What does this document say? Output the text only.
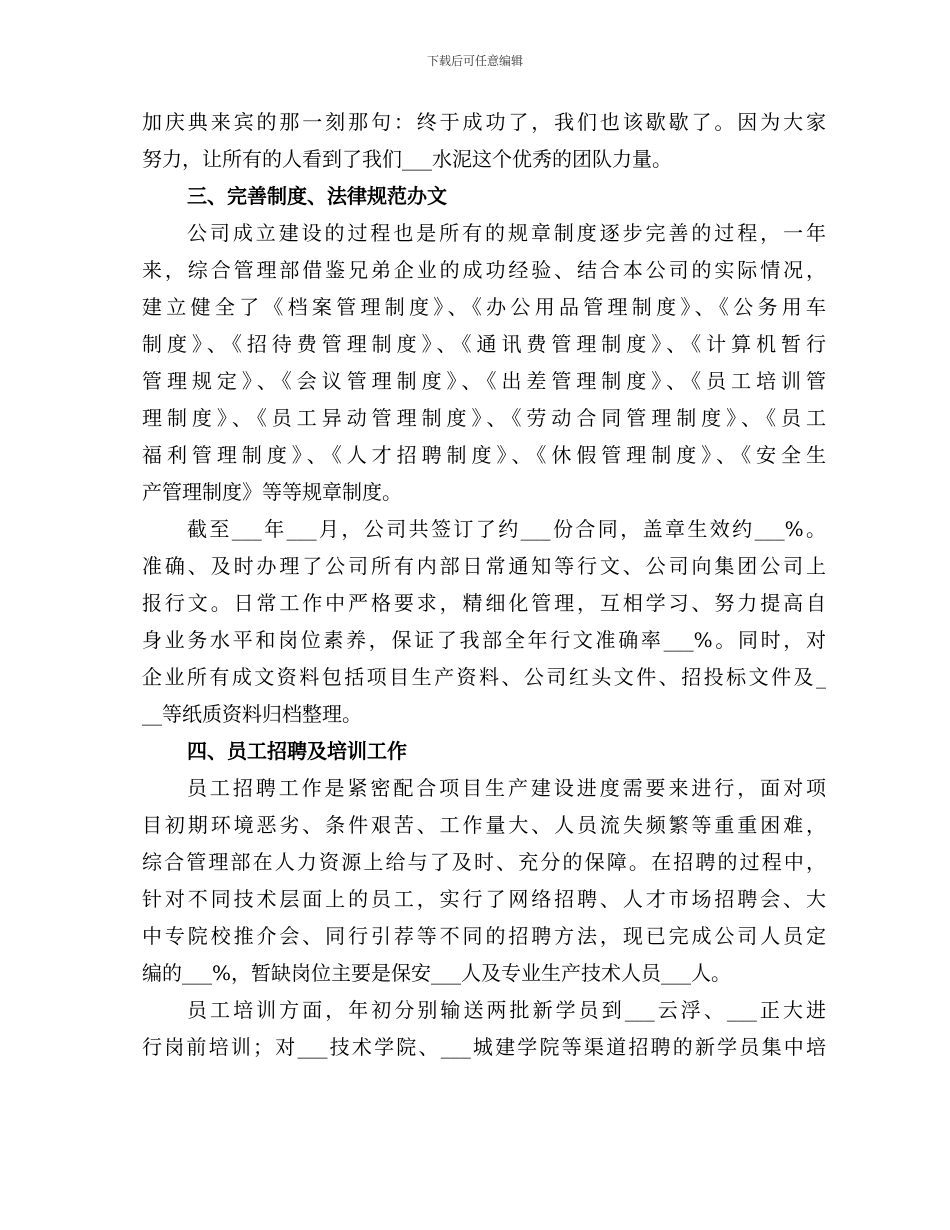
下载后可任意编辑
加庆典来宾的那一刻那句：终于成功了，我们也该歇歇了。因为大家
努力，让所有的人看到了我们___水泥这个优秀的团队力量。
三、完善制度、法律规范办文
公司成立建设的过程也是所有的规章制度逐步完善的过程，一年
来，综合管理部借鉴兄弟企业的成功经验、结合本公司的实际情况，
建立健全了《档案管理制度》、《办公用品管理制度》、《公务用车
制度》、《招待费管理制度》、《通讯费管理制度》、《计算机暂行
管理规定》、《会议管理制度》、《出差管理制度》、《员工培训管
理制度》、《员工异动管理制度》、《劳动合同管理制度》、《员工
福利管理制度》、《人才招聘制度》、《休假管理制度》、《安全生
产管理制度》等等规章制度。
截至___年___月，公司共签订了约___份合同，盖章生效约___%。
准确、及时办理了公司所有内部日常通知等行文、公司向集团公司上
报行文。日常工作中严格要求，精细化管理，互相学习、努力提高自
身业务水平和岗位素养，保证了我部全年行文准确率___%。同时，对
企业所有成文资料包括项目生产资料、公司红头文件、招投标文件及_
__等纸质资料归档整理。
四、员工招聘及培训工作
员工招聘工作是紧密配合项目生产建设进度需要来进行，面对项
目初期环境恶劣、条件艰苦、工作量大、人员流失频繁等重重困难，
综合管理部在人力资源上给与了及时、充分的保障。在招聘的过程中，
针对不同技术层面上的员工，实行了网络招聘、人才市场招聘会、大
中专院校推介会、同行引荐等不同的招聘方法，现已完成公司人员定
编的___%，暂缺岗位主要是保安___人及专业生产技术人员___人。
员工培训方面，年初分别输送两批新学员到___云浮、___正大进
行岗前培训；对___技术学院、___城建学院等渠道招聘的新学员集中培
